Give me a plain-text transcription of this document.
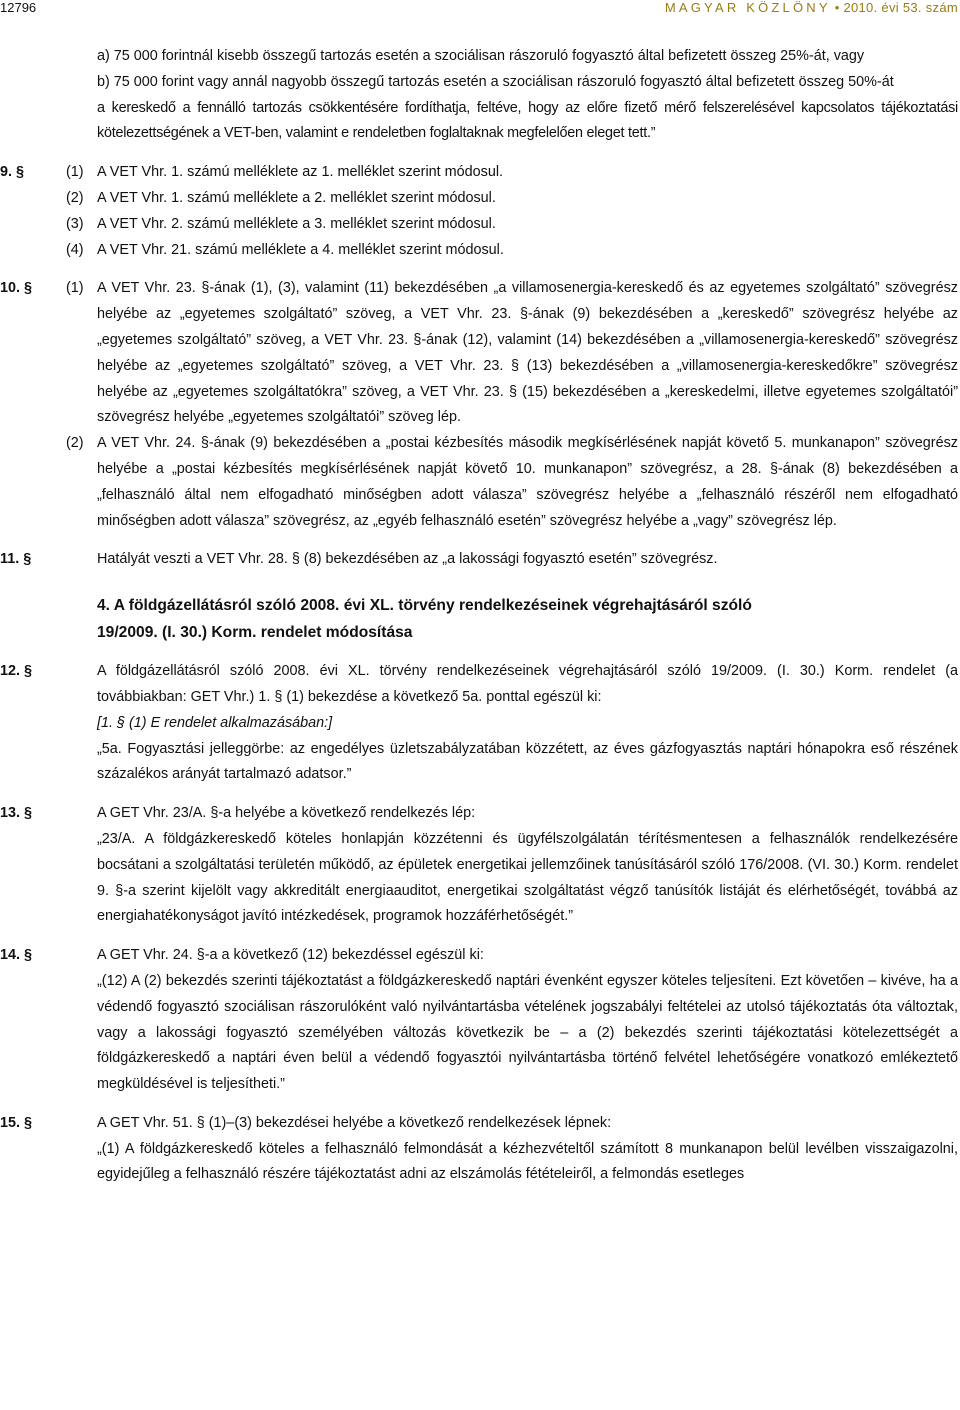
12796	MAGYAR KÖZLÖNY • 2010. évi 53. szám

a) 75 000 forintnál kisebb összegű tartozás esetén a szociálisan rászoruló fogyasztó által befizetett összeg 25%-át, vagy

b) 75 000 forint vagy annál nagyobb összegű tartozás esetén a szociálisan rászoruló fogyasztó által befizetett összeg 50%-át

a kereskedő a fennálló tartozás csökkentésére fordíthatja, feltéve, hogy az előre fizető mérő felszerelésével kapcsolatos tájékoztatási kötelezettségének a VET-ben, valamint e rendeletben foglaltaknak megfelelően eleget tett.”

9. §	(1) A VET Vhr. 1. számú melléklete az 1. melléklet szerint módosul.

(2) A VET Vhr. 1. számú melléklete a 2. melléklet szerint módosul.

(3) A VET Vhr. 2. számú melléklete a 3. melléklet szerint módosul.

(4) A VET Vhr. 21. számú melléklete a 4. melléklet szerint módosul.

10. § (1) A VET Vhr. 23. §-ának (1), (3), valamint (11) bekezdésében „a villamosenergia-kereskedő és az egyetemes szolgáltató” szövegrész helyébe az „egyetemes szolgáltató” szöveg, a VET Vhr. 23. §-ának (9) bekezdésében a „kereskedő” szövegrész helyébe az „egyetemes szolgáltató” szöveg, a VET Vhr. 23. §-ának (12), valamint (14) bekezdésében a „villamosenergia-kereskedő” szövegrész helyébe az „egyetemes szolgáltató” szöveg, a VET Vhr. 23. § (13) bekezdésében a „villamosenergia-kereskedőkre” szövegrész helyébe az „egyetemes szolgáltatókra” szöveg, a VET Vhr. 23. § (15) bekezdésében a „kereskedelmi, illetve egyetemes szolgáltatói” szövegrész helyébe „egyetemes szolgáltatói” szöveg lép.

(2) A VET Vhr. 24. §-ának (9) bekezdésében a „postai kézbesítés második megkísérlésének napját követő 5. munkanapon” szövegrész helyébe a „postai kézbesítés megkísérlésének napját követő 10. munkanapon” szövegrész, a 28. §-ának (8) bekezdésében a „felhasználó által nem elfogadható minőségben adott válasza” szövegrész helyébe a „felhasználó részéről nem elfogadható minőségben adott válasza” szövegrész, az „egyéb felhasználó esetén” szövegrész helyébe a „vagy” szövegrész lép.

11. §	Hatályát veszti a VET Vhr. 28. § (8) bekezdésében az „a lakossági fogyasztó esetén” szövegrész.

4. A földgázellátásról szóló 2008. évi XL. törvény rendelkezéseinek végrehajtásáról szóló
19/2009. (I. 30.) Korm. rendelet módosítása
12. §	A földgázellátásról szóló 2008. évi XL. törvény rendelkezéseinek végrehajtásáról szóló 19/2009. (I. 30.) Korm. rendelet (a továbbiakban: GET Vhr.) 1. § (1) bekezdése a következő 5a. ponttal egészül ki:

[1. § (1) E rendelet alkalmazásában:]

„5a. Fogyasztási jelleggörbe: az engedélyes üzletszabályzatában közzétett, az éves gázfogyasztás naptári hónapokra eső részének százalékos arányát tartalmazó adatsor.”

13. §	A GET Vhr. 23/A. §-a helyébe a következő rendelkezés lép:

„23/A. A földgázkereskedő köteles honlapján közzétenni és ügyfélszolgálatán térítésmentesen a felhasználók rendelkezésére bocsátani a szolgáltatási területén működő, az épületek energetikai jellemzőinek tanúsításáról szóló 176/2008. (VI. 30.) Korm. rendelet 9. §-a szerint kijelölt vagy akkreditált energiaauditot, energetikai szolgáltatást végző tanúsítók listáját és elérhetőségét, továbbá az energiahatékonyságot javító intézkedések, programok hozzáférhetőségét.”

14. §	A GET Vhr. 24. §-a a következő (12) bekezdéssel egészül ki:

„(12) A (2) bekezdés szerinti tájékoztatást a földgázkereskedő naptári évenként egyszer köteles teljesíteni. Ezt követően – kivéve, ha a védendő fogyasztó szociálisan rászorulóként való nyilvántartásba vételének jogszabályi feltételei az utolsó tájékoztatás óta változtak, vagy a lakossági fogyasztó személyében változás következik be – a (2) bekezdés szerinti tájékoztatási kötelezettségét a földgázkereskedő a naptári éven belül a védendő fogyasztói nyilvántartásba történő felvétel lehetőségére vonatkozó emlékeztető megküldésével is teljesítheti.”

15. §	A GET Vhr. 51. § (1)–(3) bekezdései helyébe a következő rendelkezések lépnek:

„(1) A földgázkereskedő köteles a felhasználó felmondását a kézhezvételtől számított 8 munkanapon belül levélben visszaigazolni, egyidejűleg a felhasználó részére tájékoztatást adni az elszámolás fétételeiről, a felmondás esetleges
